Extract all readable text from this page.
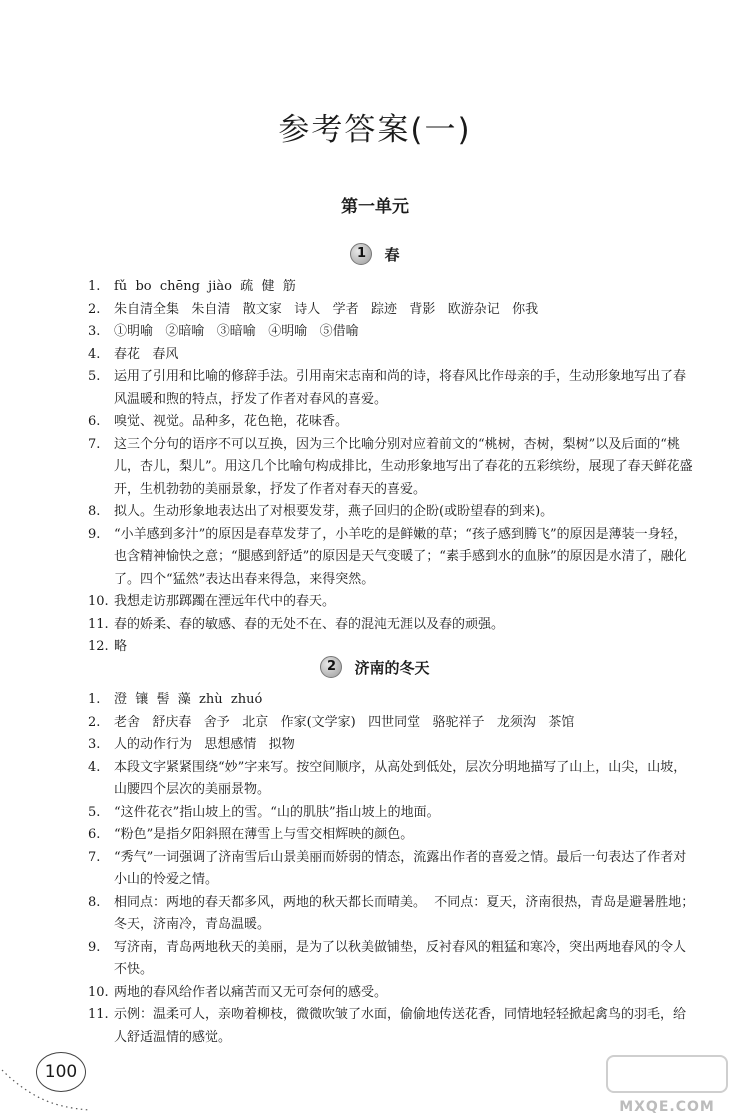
参考答案(一)
第一单元
1	春
1. fǔ  bo  chēng  jiào  疏  健  筋
2. 朱自清全集   朱自清   散文家   诗人   学者   踪迹   背影   欧游杂记   你我
3. ①明喻   ②暗喻   ③暗喻   ④明喻   ⑤借喻
4. 春花   春风
5. 运用了引用和比喻的修辞手法。引用南宋志南和尚的诗，将春风比作母亲的手，生动形象地写出了春风温暖和煦的特点，抒发了作者对春风的喜爱。
6. 嗅觉、视觉。品种多，花色艳，花味香。
7. 这三个分句的语序不可以互换，因为三个比喻分别对应着前文的“桃树，杏树，梨树”以及后面的“桃儿，杏儿，梨儿”。用这几个比喻句构成排比，生动形象地写出了春花的五彩缤纷，展现了春天鲜花盛开，生机勃勃的美丽景象，抒发了作者对春天的喜爱。
8. 拟人。生动形象地表达出了对根要发芽，燕子回归的企盼(或盼望春的到来)。
9. “小羊感到多汁”的原因是春草发芽了，小羊吃的是鲜嫩的草；“孩子感到腾飞”的原因是薄装一身轻，也含精神愉快之意；“腿感到舒适”的原因是天气变暖了；“素手感到水的血脉”的原因是水清了，融化了。四个“猛然”表达出春来得急，来得突然。
10. 我想走访那踯躅在湮远年代中的春天。
11. 春的娇柔、春的敏感、春的无处不在、春的混沌无涯以及春的顽强。
12. 略
2	济南的冬天
1. 澄  镶  髻  藻  zhù  zhuó
2. 老舍   舒庆春   舍予   北京   作家(文学家)   四世同堂   骆驼祥子   龙须沟   茶馆
3. 人的动作行为   思想感情   拟物
4. 本段文字紧紧围绕“妙”字来写。按空间顺序，从高处到低处，层次分明地描写了山上，山尖，山坡，山腰四个层次的美丽景物。
5. “这件花衣”指山坡上的雪。“山的肌肤”指山坡上的地面。
6. “粉色”是指夕阳斜照在薄雪上与雪交相辉映的颜色。
7. “秀气”一词强调了济南雪后山景美丽而娇弱的情态，流露出作者的喜爱之情。最后一句表达了作者对小山的怜爱之情。
8. 相同点：两地的春天都多风，两地的秋天都长而晴美。  不同点：夏天，济南很热，青岛是避暑胜地；冬天，济南冷，青岛温暖。
9. 写济南，青岛两地秋天的美丽，是为了以秋美做铺垫，反衬春风的粗猛和寒冷，突出两地春风的令人不快。
10. 两地的春风给作者以痛苦而又无可奈何的感受。
11. 示例：温柔可人，亲吻着柳枝，微微吹皱了水面，偷偷地传送花香，同情地轻轻掀起禽鸟的羽毛，给人舒适温情的感觉。
100
MXQE.COM
